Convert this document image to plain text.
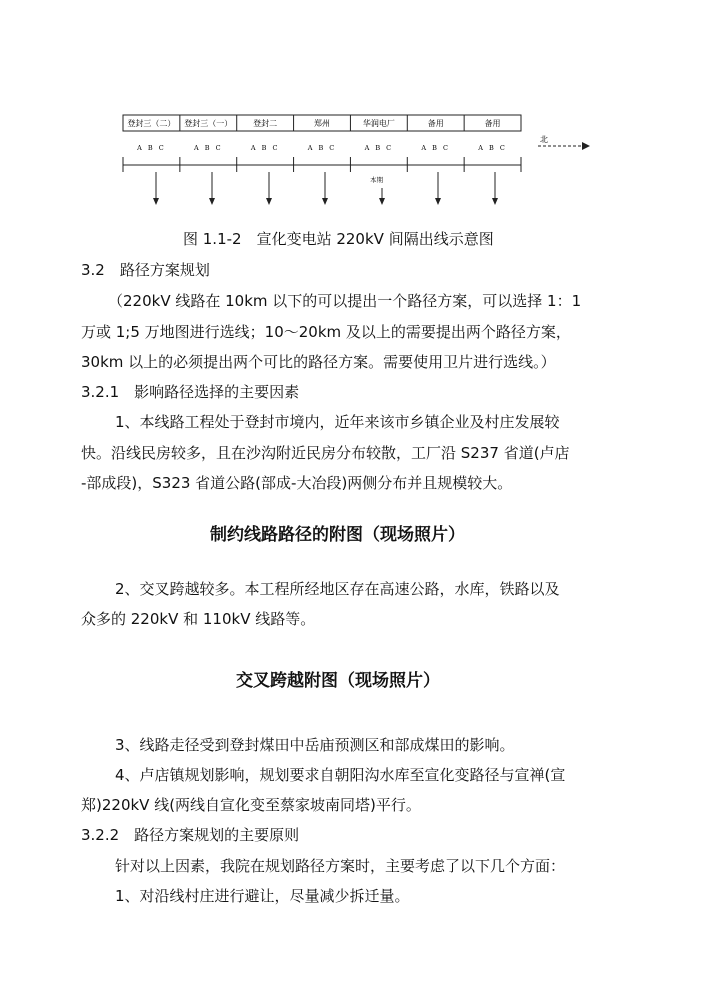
登封三（二）
A B C
登封三（一）
A B C
登封二
A B C
郑州
A B C
华润电厂
A B C
备用
A B C
备用
A B C
北
本期
图 1.1-2　宣化变电站 220kV 间隔出线示意图
3.2　路径方案规划
（220kV 线路在 10km 以下的可以提出一个路径方案，可以选择 1：1
万或 1;5 万地图进行选线；10～20km 及以上的需要提出两个路径方案，
30km 以上的必须提出两个可比的路径方案。需要使用卫片进行选线。）
3.2.1　影响路径选择的主要因素
1、本线路工程处于登封市境内，近年来该市乡镇企业及村庄发展较
快。沿线民房较多，且在沙沟附近民房分布较散，工厂沿 S237 省道(卢店
-部成段)，S323 省道公路(部成-大冶段)两侧分布并且规模较大。
制约线路路径的附图（现场照片）
2、交叉跨越较多。本工程所经地区存在高速公路，水库，铁路以及
众多的 220kV 和 110kV 线路等。
交叉跨越附图（现场照片）
3、线路走径受到登封煤田中岳庙预测区和部成煤田的影响。
4、卢店镇规划影响，规划要求自朝阳沟水库至宣化变路径与宣禅(宣
郑)220kV 线(两线自宣化变至蔡家坡南同塔)平行。
3.2.2　路径方案规划的主要原则
针对以上因素，我院在规划路径方案时，主要考虑了以下几个方面：
1、对沿线村庄进行避让，尽量减少拆迁量。
